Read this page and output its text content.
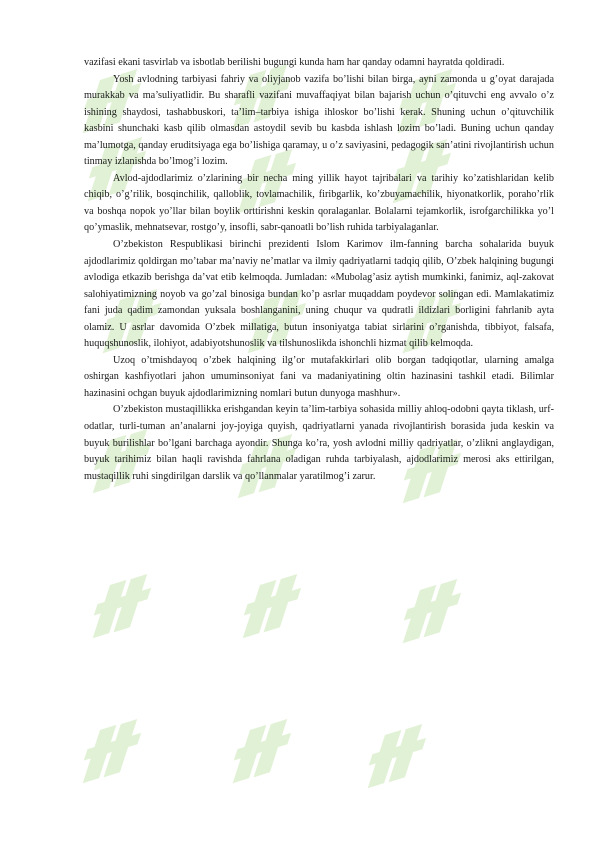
vazifasi ekani tasvirlab va isbotlab berilishi bugungi kunda ham har qanday odamni hayratda qoldiradi.

Yosh avlodning tarbiyasi fahriy va oliyjanob vazifa bo’lishi bilan birga, ayni zamonda u g’oyat darajada murakkab va ma’suliyatlidir. Bu sharafli vazifani muvaffaqiyat bilan bajarish uchun o’qituvchi eng avvalo o’z ishining shaydosi, tashabbuskori, ta’lim–tarbiya ishiga ihloskor bo’lishi kerak. Shuning uchun o’qituvchilik kasbini shunchaki kasb qilib olmasdan astoydil sevib bu kasbda ishlash lozim bo’ladi. Buning uchun qanday ma’lumotga, qanday eruditsiyaga ega bo’lishiga qaramay, u o’z saviyasini, pedagogik san’atini rivojlantirish uchun tinmay izlanishda bo’lmog’i lozim.

Avlod-ajdodlarimiz o’zlarining bir necha ming yillik hayot tajribalari va tarihiy ko’zatishlaridan kelib chiqib, o’g’rilik, bosqinchilik, qalloblik, tovlamachilik, firibgarlik, ko’zbuyamachilik, hiyonatkorlik, poraho’rlik va boshqa nopok yo’llar bilan boylik orttirishni keskin qoralaganlar. Bolalarni tejamkorlik, isrofgarchilikka yo’l qo’ymaslik, mehnatsevar, rostgo’y, insofli, sabr-qanoatli bo’lish ruhida tarbiyalaganlar.

O’zbekiston Respublikasi birinchi prezidenti Islom Karimov ilm-fanning barcha sohalarida buyuk ajdodlarimiz qoldirgan mo’tabar ma’naviy ne’matlar va ilmiy qadriyatlarni tadqiq qilib, O’zbek halqining bugungi avlodiga etkazib berishga da’vat etib kelmoqda. Jumladan: «Mubolag’asiz aytish mumkinki, fanimiz, aql-zakovat salohiyatimizning noyob va go’zal binosiga bundan ko’p asrlar muqaddam poydevor solingan edi. Mamlakatimiz fani juda qadim zamondan yuksala boshlanganini, uning chuqur va qudratli ildizlari borligini fahrlanib ayta olamiz. U asrlar davomida O’zbek millatiga, butun insoniyatga tabiat sirlarini o’rganishda, tibbiyot, falsafa, huquqshunoslik, ilohiyot, adabiyotshunoslik va tilshunoslikda ishonchli hizmat qilib kelmoqda.

Uzoq o’tmishdayoq o’zbek halqining ilg’or mutafakkirlari olib borgan tadqiqotlar, ularning amalga oshirgan kashfiyotlari jahon umuminsoniyat fani va madaniyatining oltin hazinasini tashkil etadi. Bilimlar hazinasini ochgan buyuk ajdodlarimizning nomlari butun dunyoga mashhur».

O’zbekiston mustaqillikka erishgandan keyin ta’lim-tarbiya sohasida milliy ahloq-odobni qayta tiklash, urf-odatlar, turli-tuman an’analarni joy-joyiga quyish, qadriyatlarni yanada rivojlantirish borasida juda keskin va buyuk burilishlar bo’lgani barchaga ayondir. Shunga ko’ra, yosh avlodni milliy qadriyatlar, o’zlikni anglaydigan, buyuk tarihimiz bilan haqli ravishda fahrlana oladigan ruhda tarbiyalash, ajdodlarimiz merosi aks ettirilgan, mustaqillik ruhi singdirilgan darslik va qo’llanmalar yaratilmog’i zarur.
